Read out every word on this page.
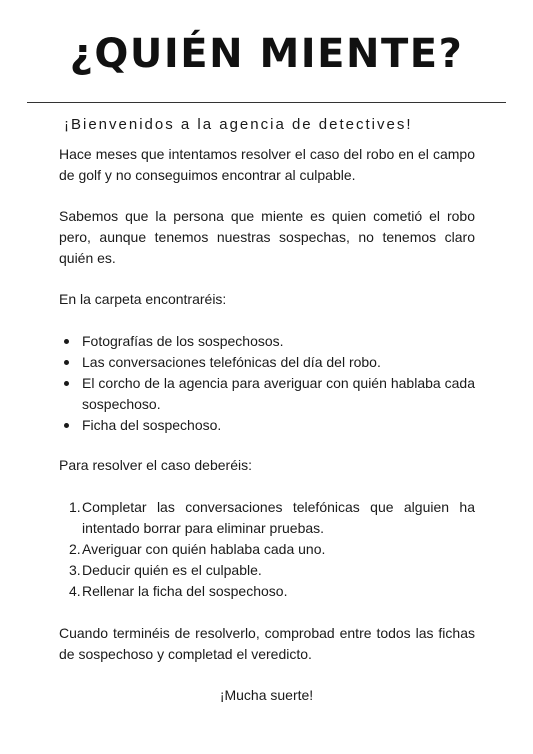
¿QUIÉN MIENTE?
¡Bienvenidos a la agencia de detectives!

Hace meses que intentamos resolver el caso del robo en el campo de golf y no conseguimos encontrar al culpable.

Sabemos que la persona que miente es quien cometió el robo pero, aunque tenemos nuestras sospechas, no tenemos claro quién es.

En la carpeta encontraréis:

Fotografías de los sospechosos.
Las conversaciones telefónicas del día del robo.
El corcho de la agencia para averiguar con quién hablaba cada sospechoso.
Ficha del sospechoso.

Para resolver el caso deberéis:

1. Completar las conversaciones telefónicas que alguien ha intentado borrar para eliminar pruebas.
2. Averiguar con quién hablaba cada uno.
3. Deducir quién es el culpable.
4. Rellenar la ficha del sospechoso.

Cuando terminéis de resolverlo, comprobad entre todos las fichas de sospechoso y completad el veredicto.

¡Mucha suerte!
